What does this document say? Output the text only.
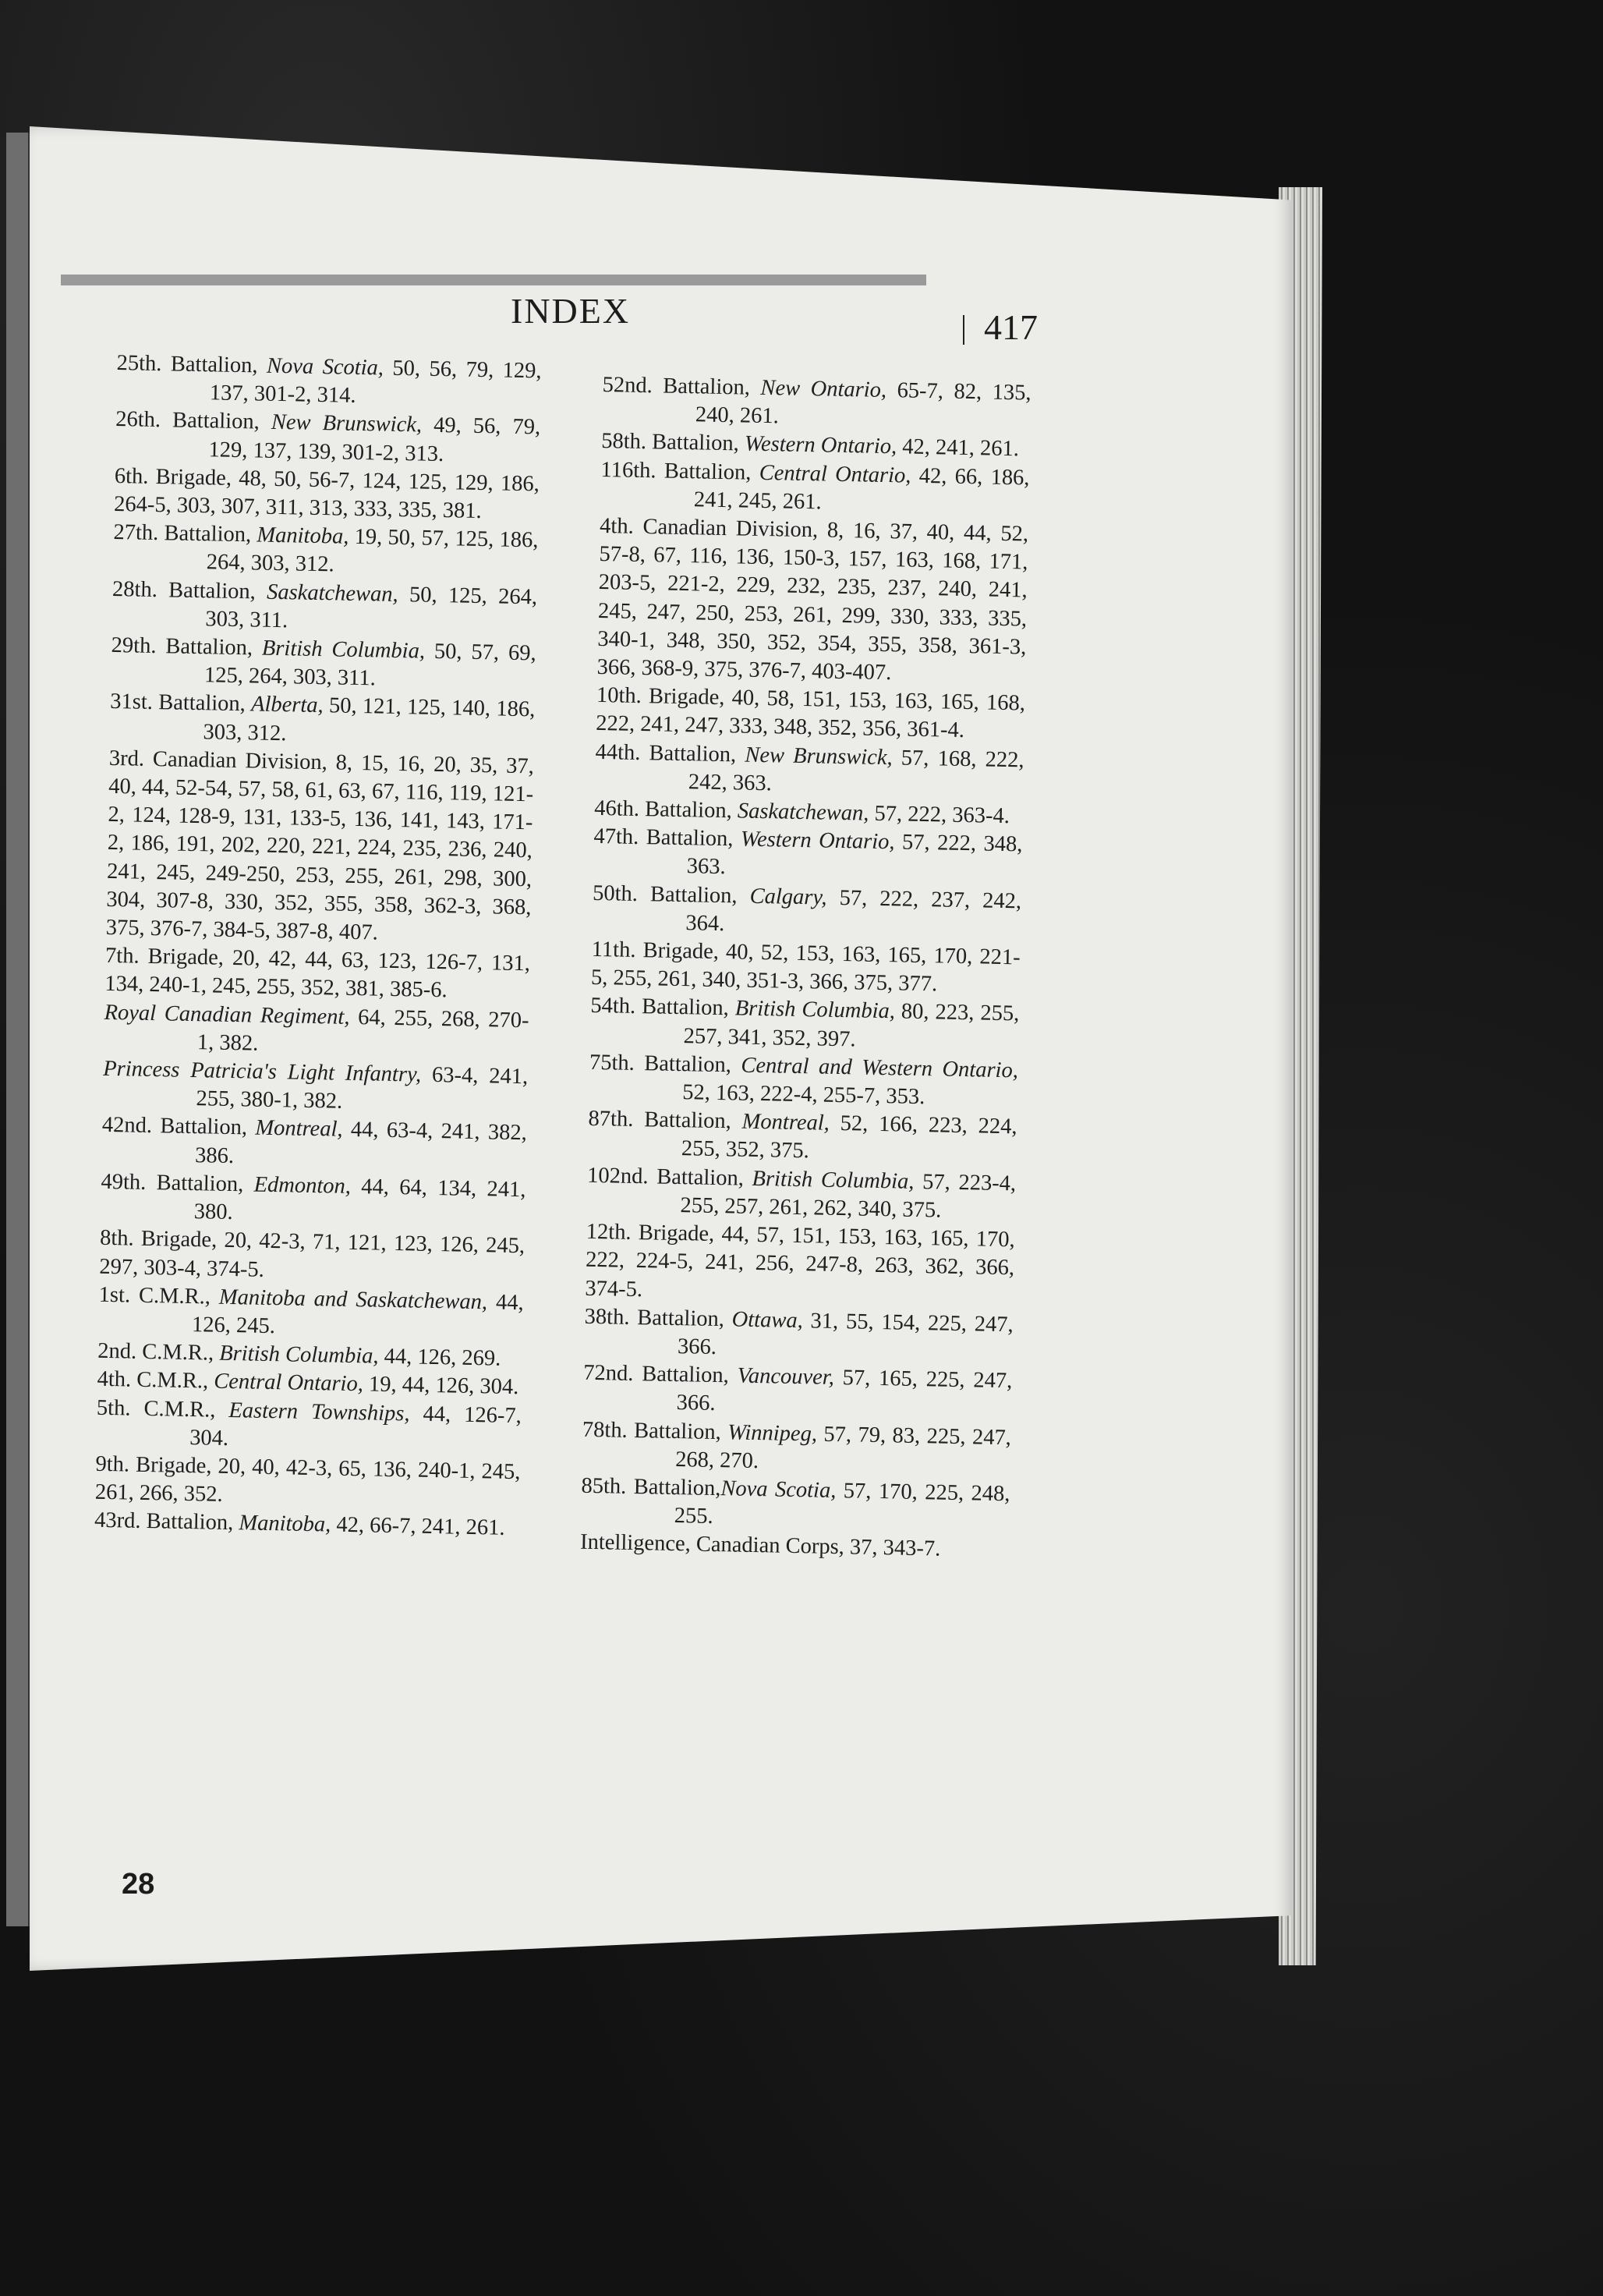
INDEX	417

25th. Battalion, Nova Scotia, 50, 56, 79, 129, 137, 301-2, 314.

26th. Battalion, New Brunswick, 49, 56, 79, 129, 137, 139, 301-2, 313.

6th. Brigade, 48, 50, 56-7, 124, 125, 129, 186, 264-5, 303, 307, 311, 313, 333, 335, 381.

27th. Battalion, Manitoba, 19, 50, 57, 125, 186, 264, 303, 312.

28th. Battalion, Saskatchewan, 50, 125, 264, 303, 311.

29th. Battalion, British Columbia, 50, 57, 69, 125, 264, 303, 311.

31st. Battalion, Alberta, 50, 121, 125, 140, 186, 303, 312.

3rd. Canadian Division, 8, 15, 16, 20, 35, 37, 40, 44, 52-54, 57, 58, 61, 63, 67, 116, 119, 121-2, 124, 128-9, 131, 133-5, 136, 141, 143, 171-2, 186, 191, 202, 220, 221, 224, 235, 236, 240, 241, 245, 249-250, 253, 255, 261, 298, 300, 304, 307-8, 330, 352, 355, 358, 362-3, 368, 375, 376-7, 384-5, 387-8, 407.

7th. Brigade, 20, 42, 44, 63, 123, 126-7, 131, 134, 240-1, 245, 255, 352, 381, 385-6.

Royal Canadian Regiment, 64, 255, 268, 270-1, 382.

Princess Patricia's Light Infantry, 63-4, 241, 255, 380-1, 382.

42nd. Battalion, Montreal, 44, 63-4, 241, 382, 386.

49th. Battalion, Edmonton, 44, 64, 134, 241, 380.

8th. Brigade, 20, 42-3, 71, 121, 123, 126, 245, 297, 303-4, 374-5.

1st. C.M.R., Manitoba and Saskatchewan, 44, 126, 245.

2nd. C.M.R., British Columbia, 44, 126, 269.

4th. C.M.R., Central Ontario, 19, 44, 126, 304.

5th. C.M.R., Eastern Townships, 44, 126-7, 304.

9th. Brigade, 20, 40, 42-3, 65, 136, 240-1, 245, 261, 266, 352.

43rd. Battalion, Manitoba, 42, 66-7, 241, 261.

52nd. Battalion, New Ontario, 65-7, 82, 135, 240, 261.

58th. Battalion, Western Ontario, 42, 241, 261.

116th. Battalion, Central Ontario, 42, 66, 186, 241, 245, 261.

4th. Canadian Division, 8, 16, 37, 40, 44, 52, 57-8, 67, 116, 136, 150-3, 157, 163, 168, 171, 203-5, 221-2, 229, 232, 235, 237, 240, 241, 245, 247, 250, 253, 261, 299, 330, 333, 335, 340-1, 348, 350, 352, 354, 355, 358, 361-3, 366, 368-9, 375, 376-7, 403-407.

10th. Brigade, 40, 58, 151, 153, 163, 165, 168, 222, 241, 247, 333, 348, 352, 356, 361-4.

44th. Battalion, New Brunswick, 57, 168, 222, 242, 363.

46th. Battalion, Saskatchewan, 57, 222, 363-4.

47th. Battalion, Western Ontario, 57, 222, 348, 363.

50th. Battalion, Calgary, 57, 222, 237, 242, 364.

11th. Brigade, 40, 52, 153, 163, 165, 170, 221-5, 255, 261, 340, 351-3, 366, 375, 377.

54th. Battalion, British Columbia, 80, 223, 255, 257, 341, 352, 397.

75th. Battalion, Central and Western Ontario, 52, 163, 222-4, 255-7, 353.

87th. Battalion, Montreal, 52, 166, 223, 224, 255, 352, 375.

102nd. Battalion, British Columbia, 57, 223-4, 255, 257, 261, 262, 340, 375.

12th. Brigade, 44, 57, 151, 153, 163, 165, 170, 222, 224-5, 241, 256, 247-8, 263, 362, 366, 374-5.

38th. Battalion, Ottawa, 31, 55, 154, 225, 247, 366.

72nd. Battalion, Vancouver, 57, 165, 225, 247, 366.

78th. Battalion, Winnipeg, 57, 79, 83, 225, 247, 268, 270.

85th. Battalion,Nova Scotia, 57, 170, 225, 248, 255.

Intelligence, Canadian Corps, 37, 343-7.

28
